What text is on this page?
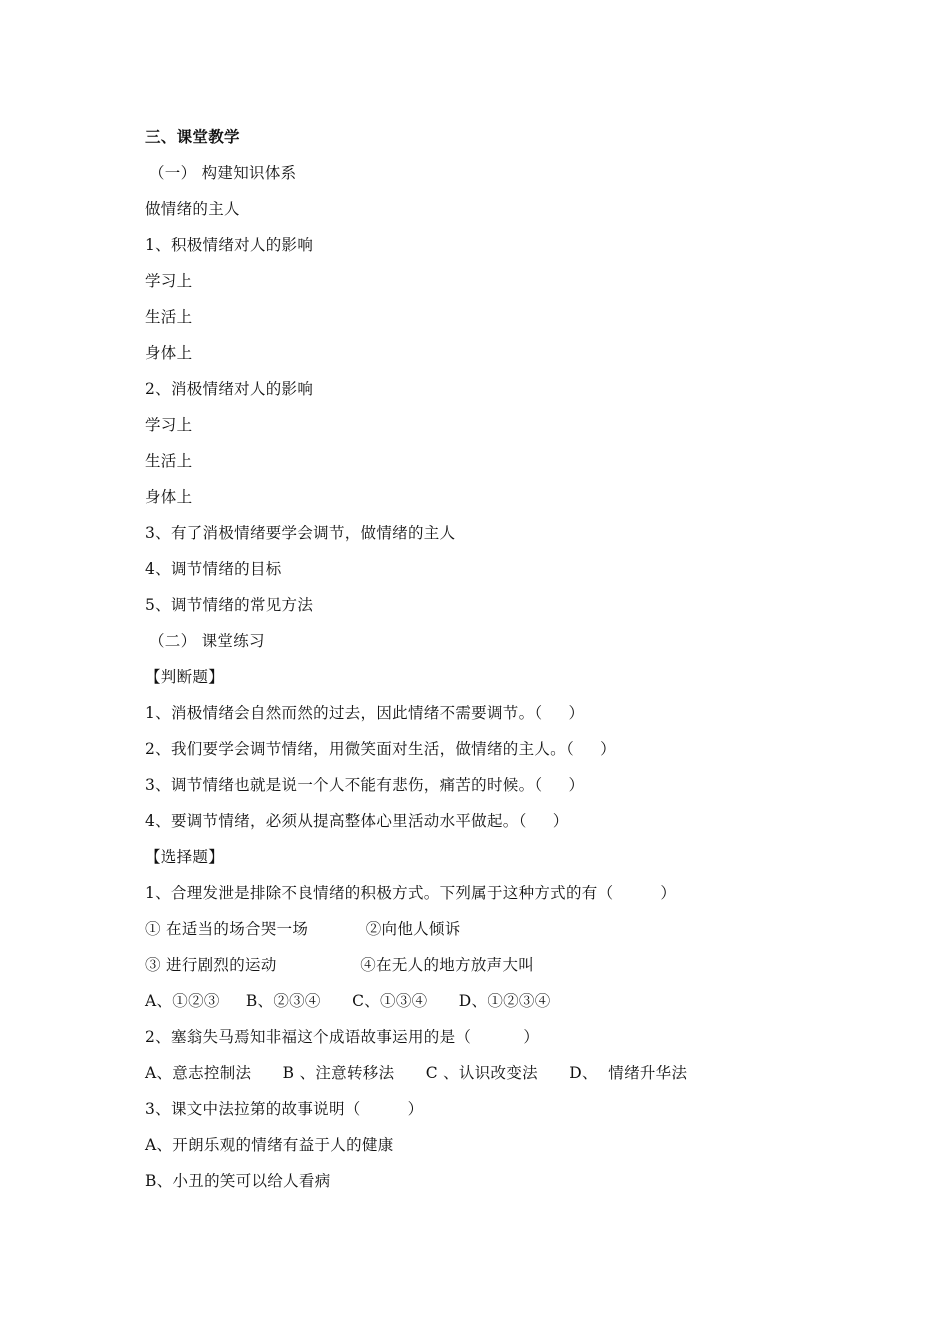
三、课堂教学
（一） 构建知识体系
做情绪的主人
1、积极情绪对人的影响
学习上
生活上
身体上
2、消极情绪对人的影响
学习上
生活上
身体上
3、有了消极情绪要学会调节，做情绪的主人
4、调节情绪的目标
5、调节情绪的常见方法
（二） 课堂练习
【判断题】
1、消极情绪会自然而然的过去，因此情绪不需要调节。（     ）
2、我们要学会调节情绪，用微笑面对生活，做情绪的主人。（     ）
3、调节情绪也就是说一个人不能有悲伤，痛苦的时候。（     ）
4、要调节情绪，必须从提高整体心里活动水平做起。（     ）
【选择题】
1、合理发泄是排除不良情绪的积极方式。下列属于这种方式的有（         ）
① 在适当的场合哭一场           ②向他人倾诉
③ 进行剧烈的运动                ④在无人的地方放声大叫
A、①②③     B、②③④      C、①③④      D、①②③④
2、塞翁失马焉知非福这个成语故事运用的是（          ）
A、意志控制法      B 、注意转移法      C 、认识改变法      D、  情绪升华法
3、课文中法拉第的故事说明（         ）
A、开朗乐观的情绪有益于人的健康
B、小丑的笑可以给人看病
